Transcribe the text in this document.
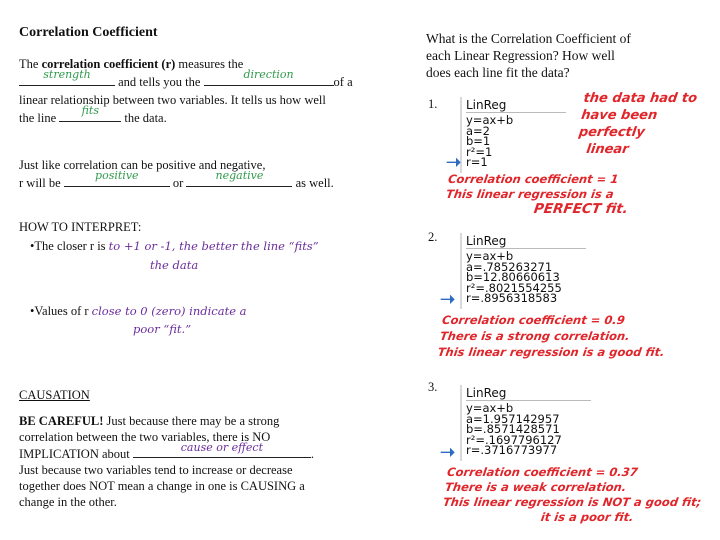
Correlation Coefficient
The correlation coefficient (r) measures the
strength
and tells you the
direction
of a
linear relationship between two variables. It tells us how well
the line
fits
the data.
Just like correlation can be positive and negative,
r will be
positive
or
negative
as well.
HOW TO INTERPRET:
•The closer r is to +1 or -1, the better the line “fits”
the data
•Values of r close to 0 (zero) indicate a
poor “fit.”
CAUSATION
BE CAREFUL! Just because there may be a strong
correlation between the two variables, there is NO
IMPLICATION about	cause or effect	.
Just because two variables tend to increase or decrease
together does NOT mean a change in one is CAUSING a
change in the other.
What is the Correlation Coefficient of
each Linear Regression? How well
does each line fit the data?
1. LinReg
y=ax+b
a=2
b=1
r²=1
r=1
➝
the data had to
have been perfectly
linear
Correlation coefficient = 1
This linear regression is a
PERFECT fit.
2. LinReg
y=ax+b
a=.785263271
b=12.80660613
r²=.8021554255
r=.8956318583
➝
Correlation coefficient = 0.9
There is a strong correlation.
This linear regression is a good fit.
3. LinReg
y=ax+b
a=1.957142957
b=.8571428571
r²=.1697796127
r=.3716773977
➝
Correlation coefficient = 0.37
There is a weak correlation.
This linear regression is NOT a good fit;
it is a poor fit.
